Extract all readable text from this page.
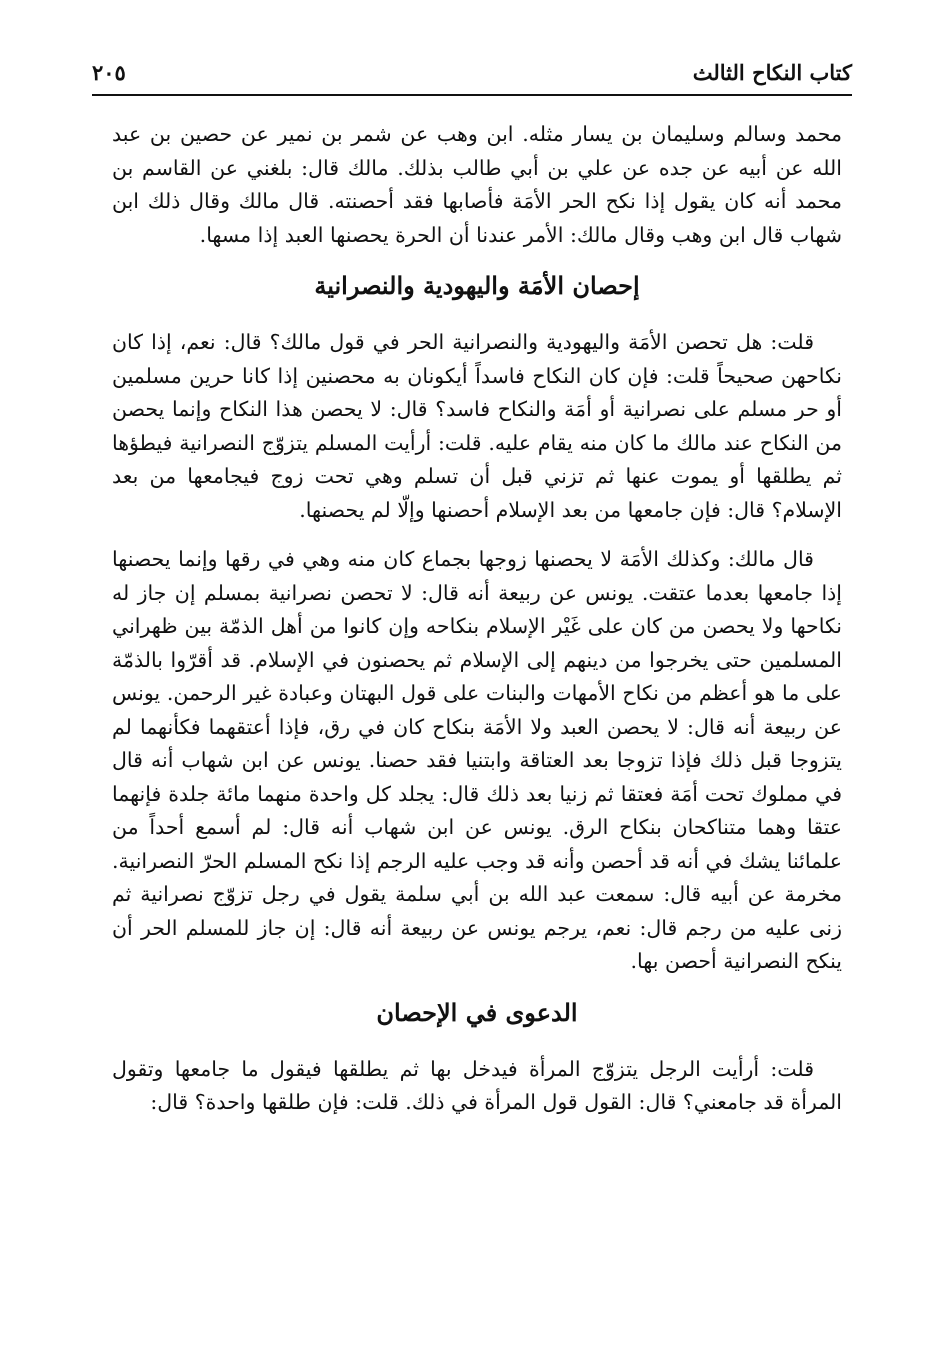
كتاب النكاح الثالث
٢٠٥

محمد وسالم وسليمان بن يسار مثله. ابن وهب عن شمر بن نمير عن حصين بن عبد الله عن أبيه عن جده عن علي بن أبي طالب بذلك. مالك قال: بلغني عن القاسم بن محمد أنه كان يقول إذا نكح الحر الأمَة فأصابها فقد أحصنته. قال مالك وقال ذلك ابن شهاب قال ابن وهب وقال مالك: الأمر عندنا أن الحرة يحصنها العبد إذا مسها.

إحصان الأمَة واليهودية والنصرانية

قلت: هل تحصن الأمَة واليهودية والنصرانية الحر في قول مالك؟ قال: نعم، إذا كان نكاحهن صحيحاً قلت: فإن كان النكاح فاسداً أيكونان به محصنين إذا كانا حرين مسلمين أو حر مسلم على نصرانية أو أمَة والنكاح فاسد؟ قال: لا يحصن هذا النكاح وإنما يحصن من النكاح عند مالك ما كان منه يقام عليه. قلت: أرأيت المسلم يتزوّج النصرانية فيطؤها ثم يطلقها أو يموت عنها ثم تزني قبل أن تسلم وهي تحت زوج فيجامعها من بعد الإسلام؟ قال: فإن جامعها من بعد الإسلام أحصنها وإلّا لم يحصنها.

قال مالك: وكذلك الأمَة لا يحصنها زوجها بجماع كان منه وهي في رقها وإنما يحصنها إذا جامعها بعدما عتقت. يونس عن ربيعة أنه قال: لا تحصن نصرانية بمسلم إن جاز له نكاحها ولا يحصن من كان على غَيْر الإسلام بنكاحه وإن كانوا من أهل الذمّة بين ظهراني المسلمين حتى يخرجوا من دينهم إلى الإسلام ثم يحصنون في الإسلام. قد أقرّوا بالذمّة على ما هو أعظم من نكاح الأمهات والبنات على قول البهتان وعبادة غير الرحمن. يونس عن ربيعة أنه قال: لا يحصن العبد ولا الأمَة بنكاح كان في رق، فإذا أعتقهما فكأنهما لم يتزوجا قبل ذلك فإذا تزوجا بعد العتاقة وابتنيا فقد حصنا. يونس عن ابن شهاب أنه قال في مملوك تحت أمَة فعتقا ثم زنيا بعد ذلك قال: يجلد كل واحدة منهما مائة جلدة فإنهما عتقا وهما متناكحان بنكاح الرق. يونس عن ابن شهاب أنه قال: لم أسمع أحداً من علمائنا يشك في أنه قد أحصن وأنه قد وجب عليه الرجم إذا نكح المسلم الحرّ النصرانية. مخرمة عن أبيه قال: سمعت عبد الله بن أبي سلمة يقول في رجل تزوّج نصرانية ثم زنى عليه من رجم قال: نعم، يرجم يونس عن ربيعة أنه قال: إن جاز للمسلم الحر أن ينكح النصرانية أحصن بها.

الدعوى في الإحصان

قلت: أرأيت الرجل يتزوّج المرأة فيدخل بها ثم يطلقها فيقول ما جامعها وتقول المرأة قد جامعني؟ قال: القول قول المرأة في ذلك. قلت: فإن طلقها واحدة؟ قال:
